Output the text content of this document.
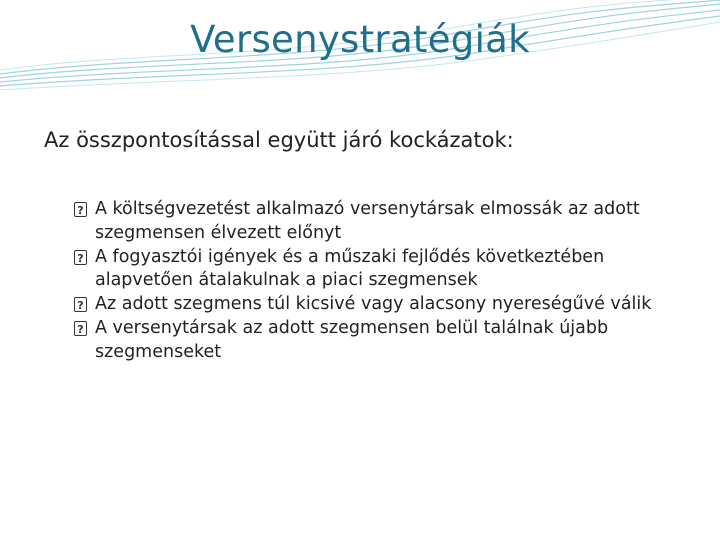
Versenystratégiák
Az összpontosítással együtt járó kockázatok:
?
A költségvezetést alkalmazó versenytársak elmossák az adott szegmensen élvezett előnyt
?
A fogyasztói igények és a műszaki fejlődés következtében alapvetően átalakulnak a piaci szegmensek
?
Az adott szegmens túl kicsivé vagy alacsony nyereségűvé válik
?
A versenytársak az adott szegmensen belül találnak újabb szegmenseket
